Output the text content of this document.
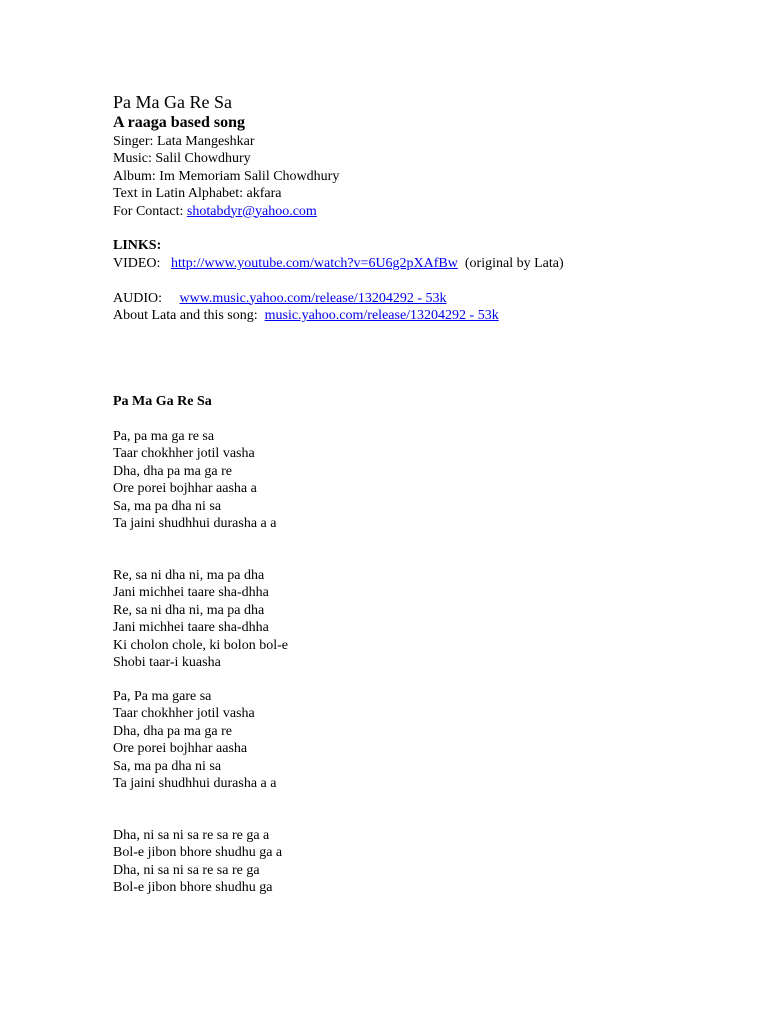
Pa Ma Ga Re Sa
A raaga based song
Singer: Lata Mangeshkar
Music: Salil Chowdhury
Album: Im Memoriam Salil Chowdhury
Text in Latin Alphabet: akfara
For Contact: shotabdyr@yahoo.com
LINKS:
VIDEO: http://www.youtube.com/watch?v=6U6g2pXAfBw (original by Lata)
AUDIO: www.music.yahoo.com/release/13204292 - 53k
About Lata and this song: music.yahoo.com/release/13204292 - 53k
Pa Ma Ga Re Sa
Pa, pa ma ga re sa
Taar chokhher jotil vasha
Dha, dha pa ma ga re
Ore porei bojhhar aasha a
Sa, ma pa dha ni sa
Ta jaini shudhhui durasha a a
Re, sa ni dha ni, ma pa dha
Jani michhei taare sha-dhha
Re, sa ni dha ni, ma pa dha
Jani michhei taare sha-dhha
Ki cholon chole, ki bolon bol-e
Shobi taar-i kuasha
Pa, Pa ma gare sa
Taar chokhher jotil vasha
Dha, dha pa ma ga re
Ore porei bojhhar aasha
Sa, ma pa dha ni sa
Ta jaini shudhhui durasha a a
Dha, ni sa ni sa re sa re ga a
Bol-e jibon bhore shudhu ga a
Dha, ni sa ni sa re sa re ga
Bol-e jibon bhore shudhu ga
